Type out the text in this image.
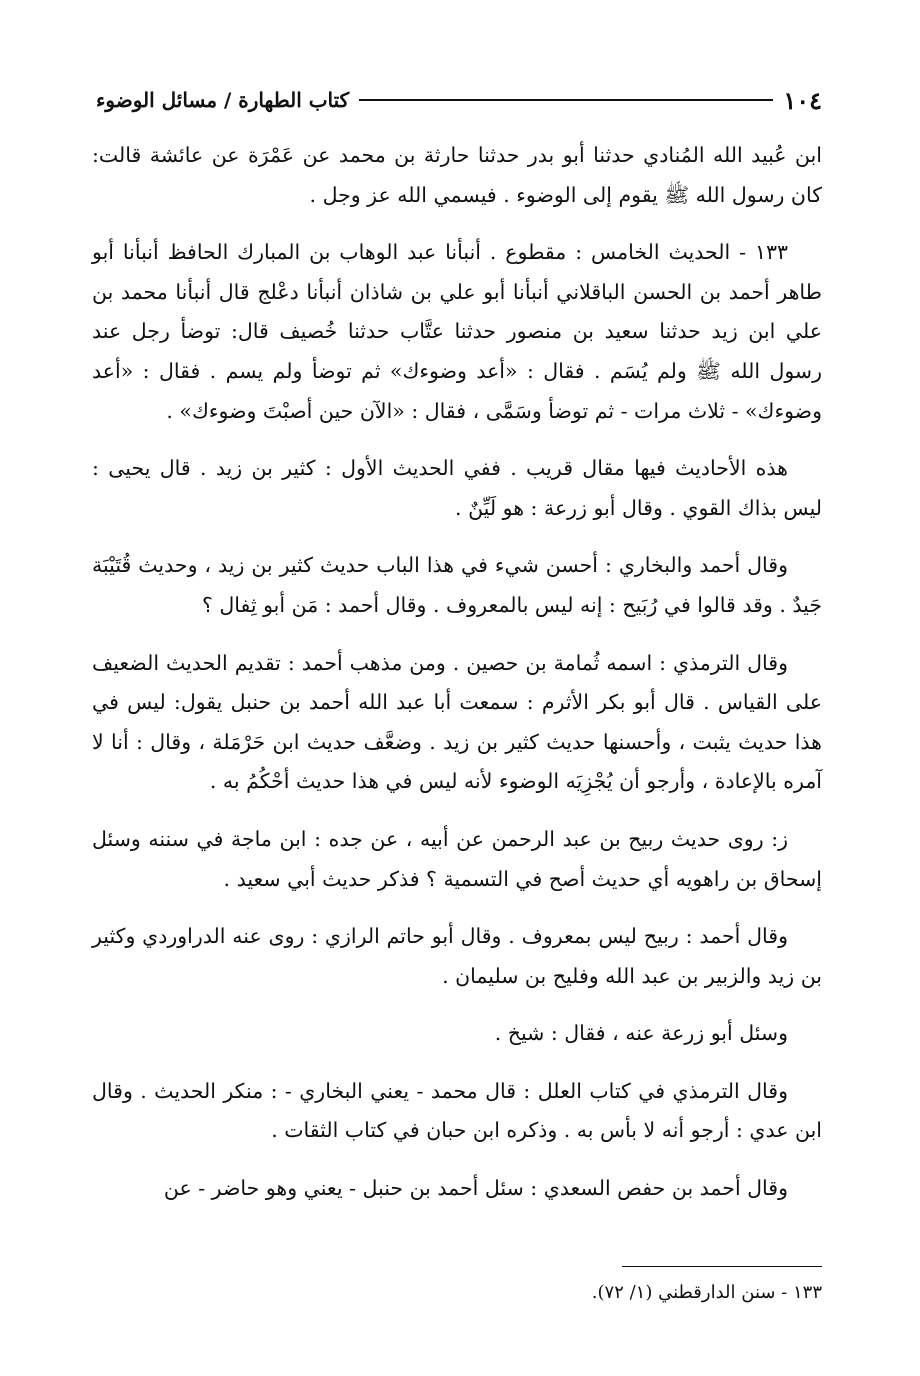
١٠٤
كتاب الطهارة / مسائل الوضوء

ابن عُبيد الله المُنادي حدثنا أبو بدر حدثنا حارثة بن محمد عن عَمْرَة عن عائشة قالت: كان رسول الله ﷺ يقوم إلى الوضوء . فيسمي الله عز وجل .

١٣٣ - الحديث الخامس : مقطوع . أنبأنا عبد الوهاب بن المبارك الحافظ أنبأنا أبو طاهر أحمد بن الحسن الباقلاني أنبأنا أبو علي بن شاذان أنبأنا دعْلج قال أنبأنا محمد بن علي ابن زيد حدثنا سعيد بن منصور حدثنا عتَّاب حدثنا خُصيف قال: توضأ رجل عند رسول الله ﷺ ولم يُسَم . فقال : «أعد وضوءك» ثم توضأ ولم يسم . فقال : «أعد وضوءك» - ثلاث مرات - ثم توضأ وسَمَّى ، فقال : «الآن حين أصبْتَ وضوءك» .

هذه الأحاديث فيها مقال قريب . ففي الحديث الأول : كثير بن زيد . قال يحيى : ليس بذاك القوي . وقال أبو زرعة : هو لَيِّنٌ .

وقال أحمد والبخاري : أحسن شيء في هذا الباب حديث كثير بن زيد ، وحديث قُتَيْبَة جَيدٌ . وقد قالوا في رُبَيح : إنه ليس بالمعروف . وقال أحمد : مَن أبو ثِفال ؟

وقال الترمذي : اسمه ثُمامة بن حصين . ومن مذهب أحمد : تقديم الحديث الضعيف على القياس . قال أبو بكر الأثرم : سمعت أبا عبد الله أحمد بن حنبل يقول: ليس في هذا حديث يثبت ، وأحسنها حديث كثير بن زيد . وضعَّف حديث ابن حَرْمَلة ، وقال : أنا لا آمره بالإعادة ، وأرجو أن يُجْزِيَه الوضوء لأنه ليس في هذا حديث أحْكُمُ به .

ز: روى حديث ربيح بن عبد الرحمن عن أبيه ، عن جده : ابن ماجة في سننه وسئل إسحاق بن راهويه أي حديث أصح في التسمية ؟ فذكر حديث أبي سعيد .

وقال أحمد : ربيح ليس بمعروف . وقال أبو حاتم الرازي : روى عنه الدراوردي وكثير بن زيد والزبير بن عبد الله وفليح بن سليمان .

وسئل أبو زرعة عنه ، فقال : شيخ .

وقال الترمذي في كتاب العلل : قال محمد - يعني البخاري - : منكر الحديث . وقال ابن عدي : أرجو أنه لا بأس به . وذكره ابن حبان في كتاب الثقات .

وقال أحمد بن حفص السعدي : سئل أحمد بن حنبل - يعني وهو حاضر - عن

١٣٣ - سنن الدارقطني (١/ ٧٢).
